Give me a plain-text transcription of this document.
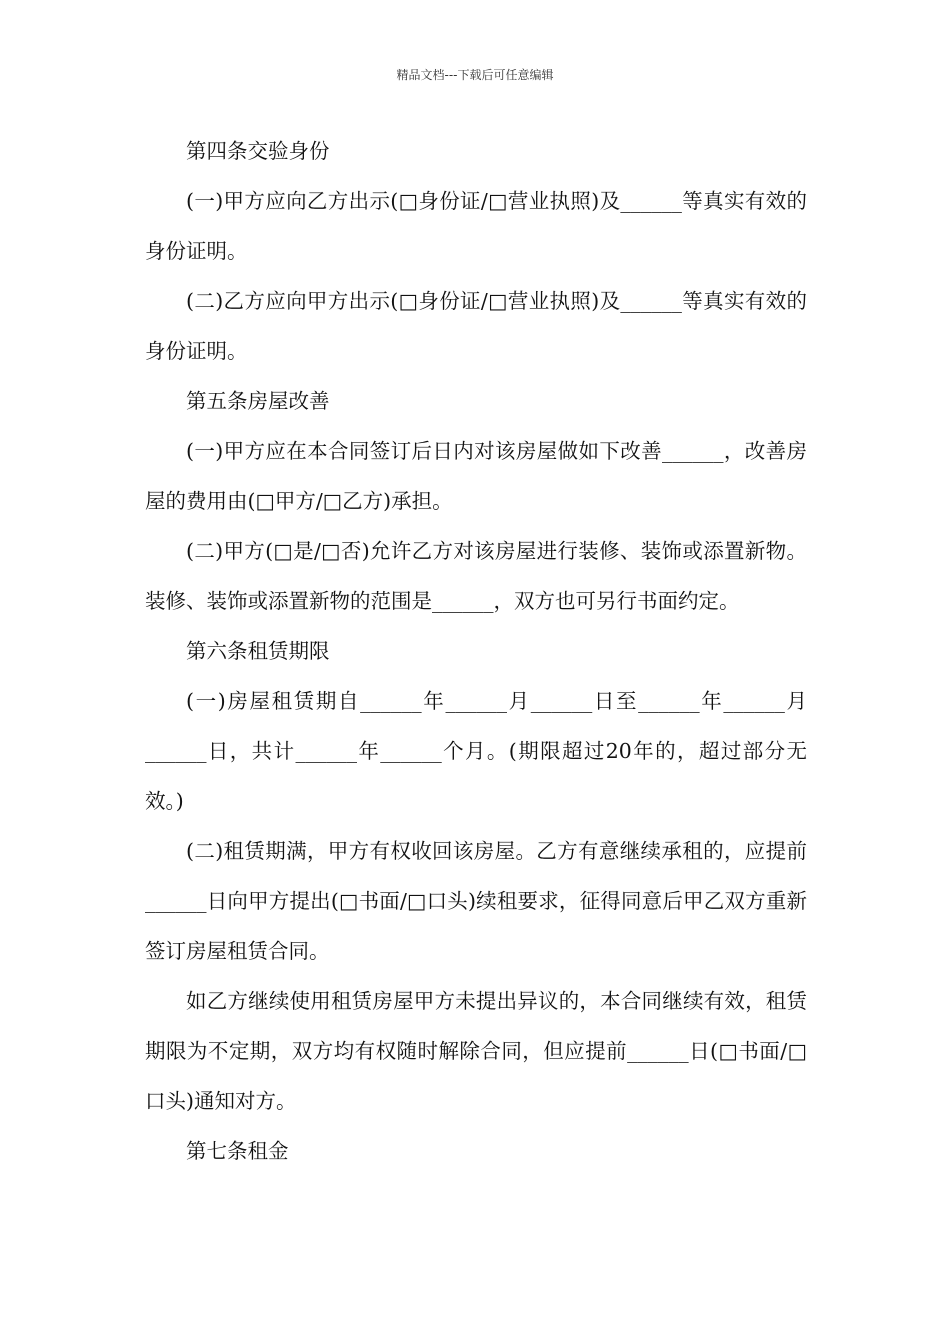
精品文档---下载后可任意编辑

第四条交验身份

(一)甲方应向乙方出示(□身份证/□营业执照)及______等真实有效的身份证明。

(二)乙方应向甲方出示(□身份证/□营业执照)及______等真实有效的身份证明。

第五条房屋改善

(一)甲方应在本合同签订后日内对该房屋做如下改善______，改善房屋的费用由(□甲方/□乙方)承担。

(二)甲方(□是/□否)允许乙方对该房屋进行装修、装饰或添置新物。装修、装饰或添置新物的范围是______，双方也可另行书面约定。

第六条租赁期限

(一)房屋租赁期自______年______月______日至______年______月______日，共计______年______个月。(期限超过20年的，超过部分无效。)

(二)租赁期满，甲方有权收回该房屋。乙方有意继续承租的，应提前______日向甲方提出(□书面/□口头)续租要求，征得同意后甲乙双方重新签订房屋租赁合同。

如乙方继续使用租赁房屋甲方未提出异议的，本合同继续有效，租赁期限为不定期，双方均有权随时解除合同，但应提前______日(□书面/□口头)通知对方。

第七条租金
